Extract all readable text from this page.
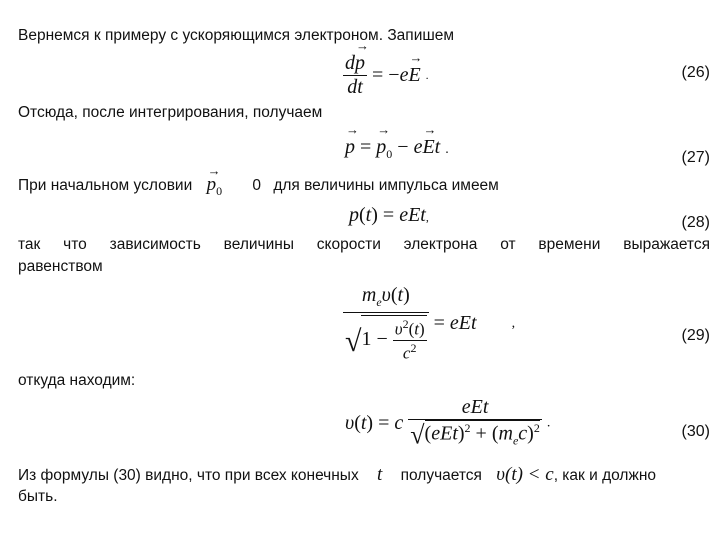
Вернемся к примеру с ускоряющимся электроном. Запишем
$\frac{d\to p}{dt} = -e\to E$ .	(26)
Отсюда, после интегрирования, получаем
→ p = → $p_0 - e\to Et$ .	(27)
При начальном условии → $p_0$ 0 для величины импульса имеем
p(t) = eEt,	(28)
так что зависимость величины скорости электрона от времени выражается
равенством
$\frac{m_e\upsilon(t)}{√1 - \frac{\upsilon^2(t)}{c^2}}$ = eEt	,
(29)
откуда находим:
υ(t) = c $\frac{\text{eEt}}{√(eEt)^2 + (m_ec)^2}$ .
(30)
Из формулы (30) видно, что при всех конечных t получается υ(t) < c, как и должно
быть.
